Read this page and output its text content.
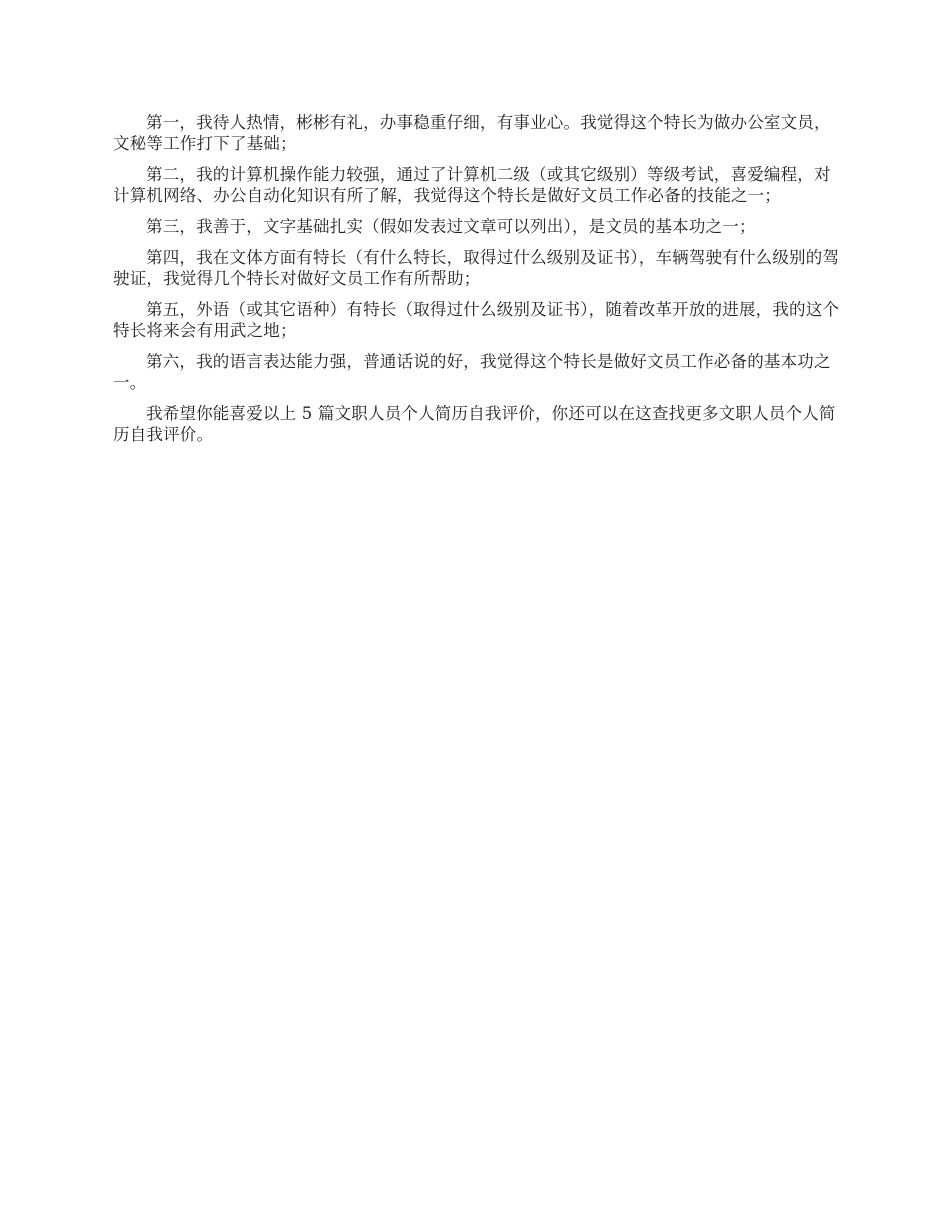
第一，我待人热情，彬彬有礼，办事稳重仔细，有事业心。我觉得这个特长为做办公室文员，文秘等工作打下了基础；

第二，我的计算机操作能力较强，通过了计算机二级（或其它级别）等级考试，喜爱编程，对计算机网络、办公自动化知识有所了解，我觉得这个特长是做好文员工作必备的技能之一；

第三，我善于，文字基础扎实（假如发表过文章可以列出），是文员的基本功之一；

第四，我在文体方面有特长（有什么特长，取得过什么级别及证书），车辆驾驶有什么级别的驾驶证，我觉得几个特长对做好文员工作有所帮助；

第五，外语（或其它语种）有特长（取得过什么级别及证书），随着改革开放的进展，我的这个特长将来会有用武之地；

第六，我的语言表达能力强，普通话说的好，我觉得这个特长是做好文员工作必备的基本功之一。

我希望你能喜爱以上 5 篇文职人员个人简历自我评价，你还可以在这查找更多文职人员个人简历自我评价。
